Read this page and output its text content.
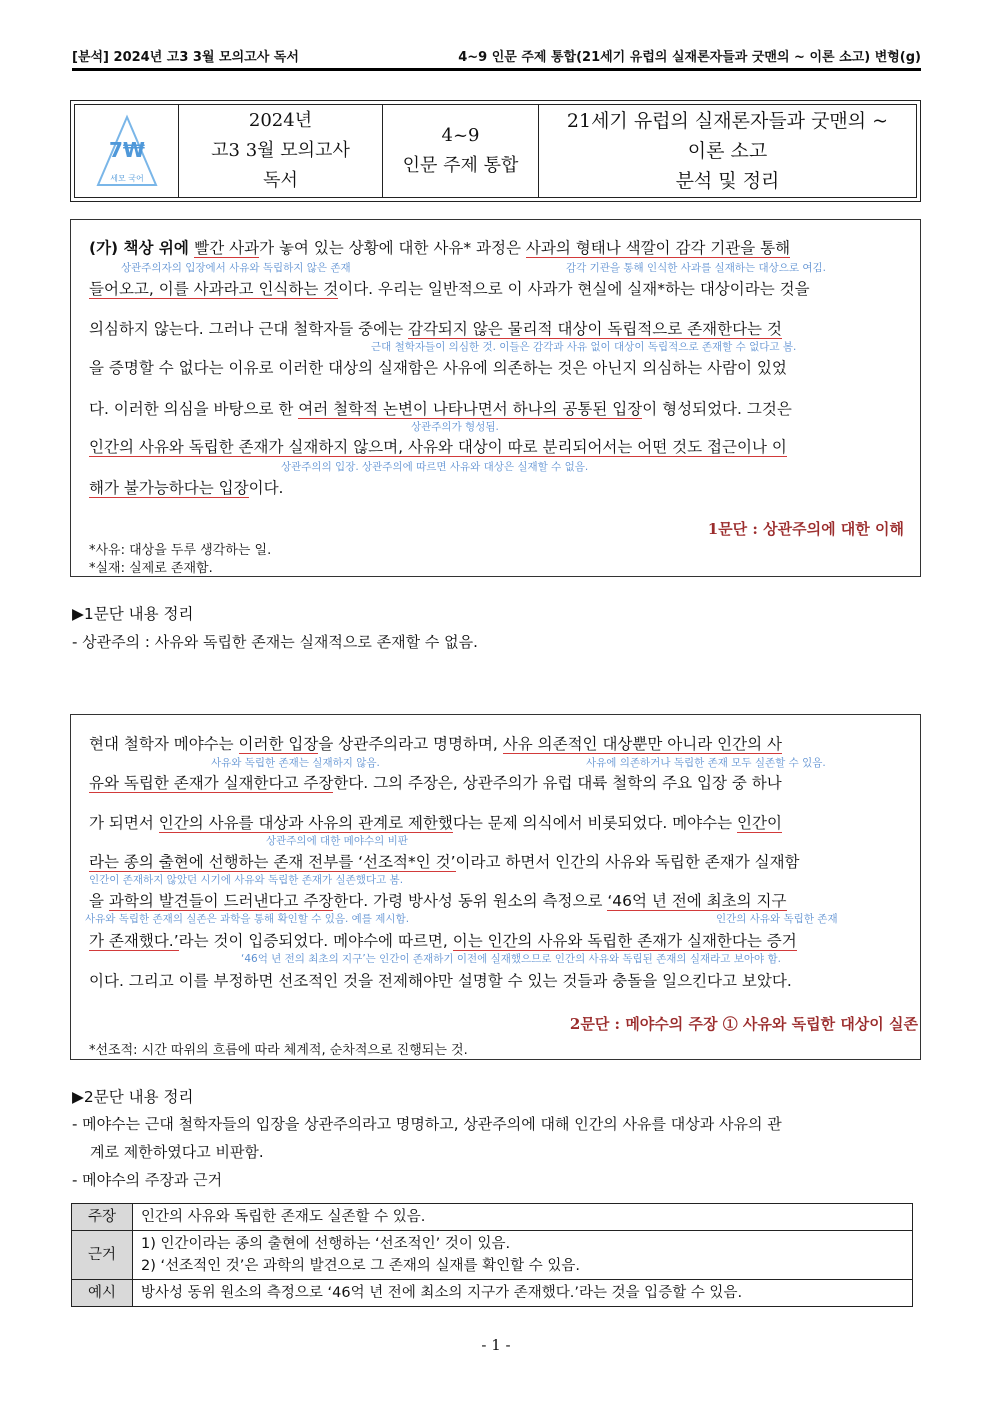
[분석] 2024년 고3 3월 모의고사 독서	4~9 인문 주제 통합(21세기 유럽의 실재론자들과 굿맨의 ~ 이론 소고) 변형(g)
7₩
세모 국어
2024년
고3 3월 모의고사
독서
4~9
인문 주제 통합
21세기 유럽의 실재론자들과 굿맨의 ~
이론 소고
분석 및 정리
(가) 책상 위에 빨간 사과가 놓여 있는 상황에 대한 사유* 과정은 사과의 형태나 색깔이 감각 기관을 통해
상관주의자의 입장에서 사유와 독립하지 않은 존재	감각 기관을 통해 인식한 사과를 실재하는 대상으로 여김.
들어오고, 이를 사과라고 인식하는 것이다. 우리는 일반적으로 이 사과가 현실에 실재*하는 대상이라는 것을
의심하지 않는다. 그러나 근대 철학자들 중에는 감각되지 않은 물리적 대상이 독립적으로 존재한다는 것
근대 철학자들이 의심한 것. 이들은 감각과 사유 없이 대상이 독립적으로 존재할 수 없다고 봄.
을 증명할 수 없다는 이유로 이러한 대상의 실재함은 사유에 의존하는 것은 아닌지 의심하는 사람이 있었
다. 이러한 의심을 바탕으로 한 여러 철학적 논변이 나타나면서 하나의 공통된 입장이 형성되었다. 그것은
상관주의가 형성됨.
인간의 사유와 독립한 존재가 실재하지 않으며, 사유와 대상이 따로 분리되어서는 어떤 것도 접근이나 이
상관주의의 입장. 상관주의에 따르면 사유와 대상은 실재할 수 없음.
해가 불가능하다는 입장이다.
1문단 : 상관주의에 대한 이해
*사유: 대상을 두루 생각하는 일.
*실재: 실제로 존재함.
▶1문단 내용 정리
- 상관주의 : 사유와 독립한 존재는 실재적으로 존재할 수 없음.
현대 철학자 메야수는 이러한 입장을 상관주의라고 명명하며, 사유 의존적인 대상뿐만 아니라 인간의 사
사유와 독립한 존재는 실재하지 않음.	사유에 의존하거나 독립한 존재 모두 실존할 수 있음.
유와 독립한 존재가 실재한다고 주장한다. 그의 주장은, 상관주의가 유럽 대륙 철학의 주요 입장 중 하나
가 되면서 인간의 사유를 대상과 사유의 관계로 제한했다는 문제 의식에서 비롯되었다. 메야수는 인간이
상관주의에 대한 메야수의 비판
라는 종의 출현에 선행하는 존재 전부를 ‘선조적*인 것’이라고 하면서 인간의 사유와 독립한 존재가 실재함
인간이 존재하지 않았던 시기에 사유와 독립한 존재가 실존했다고 봄.
을 과학의 발견들이 드러낸다고 주장한다. 가령 방사성 동위 원소의 측정으로 ‘46억 년 전에 최초의 지구
사유와 독립한 존재의 실존은 과학을 통해 확인할 수 있음. 예를 제시함.	인간의 사유와 독립한 존재
가 존재했다.’라는 것이 입증되었다. 메야수에 따르면, 이는 인간의 사유와 독립한 존재가 실재한다는 증거
‘46억 년 전의 최초의 지구’는 인간이 존재하기 이전에 실재했으므로 인간의 사유와 독립된 존재의 실재라고 보아야 함.
이다. 그리고 이를 부정하면 선조적인 것을 전제해야만 설명할 수 있는 것들과 충돌을 일으킨다고 보았다.
2문단 : 메야수의 주장 ① 사유와 독립한 대상이 실존
*선조적: 시간 따위의 흐름에 따라 체계적, 순차적으로 진행되는 것.
▶2문단 내용 정리
- 메야수는 근대 철학자들의 입장을 상관주의라고 명명하고, 상관주의에 대해 인간의 사유를 대상과 사유의 관
계로 제한하였다고 비판함.
- 메야수의 주장과 근거
주장	인간의 사유와 독립한 존재도 실존할 수 있음.
근거	1) 인간이라는 종의 출현에 선행하는 ‘선조적인’ 것이 있음.
2) ‘선조적인 것’은 과학의 발견으로 그 존재의 실재를 확인할 수 있음.

예시	방사성 동위 원소의 측정으로 ‘46억 년 전에 최소의 지구가 존재했다.’라는 것을 입증할 수 있음.
- 1 -
